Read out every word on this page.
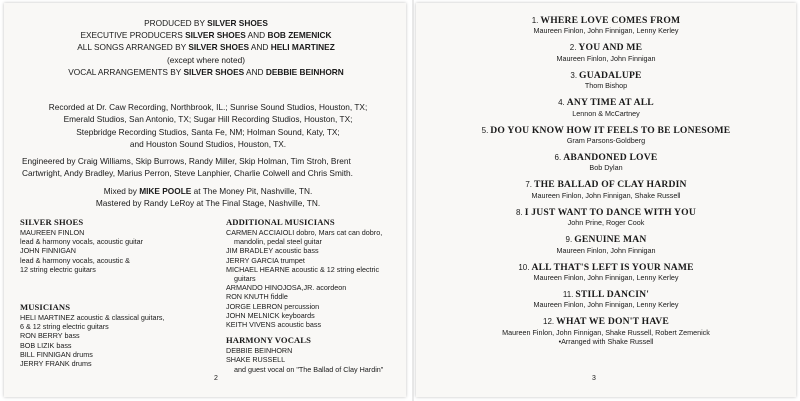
PRODUCED BY SILVER SHOES
EXECUTIVE PRODUCERS SILVER SHOES AND BOB ZEMENICK
ALL SONGS ARRANGED BY SILVER SHOES AND HELI MARTINEZ
(except where noted)
VOCAL ARRANGEMENTS BY SILVER SHOES AND DEBBIE BEINHORN
Recorded at Dr. Caw Recording, Northbrook, IL.; Sunrise Sound Studios, Houston, TX;
Emerald Studios, San Antonio, TX; Sugar Hill Recording Studios, Houston, TX;
Stepbridge Recording Studios, Santa Fe, NM; Holman Sound, Katy, TX;
and Houston Sound Studios, Houston, TX.
Engineered by Craig Williams, Skip Burrows, Randy Miller, Skip Holman, Tim Stroh, Brent
Cartwright, Andy Bradley, Marius Perron, Steve Lanphier, Charlie Colwell and Chris Smith.
Mixed by MIKE POOLE at The Money Pit, Nashville, TN.
Mastered by Randy LeRoy at The Final Stage, Nashville, TN.
SILVER SHOES
MAUREEN FINLON
lead & harmony vocals, acoustic guitar
JOHN FINNIGAN
lead & harmony vocals, acoustic &
12 string electric guitars
MUSICIANS
HELI MARTINEZ acoustic & classical guitars,
6 & 12 string electric guitars
RON BERRY bass
BOB LIZIK bass
BILL FINNIGAN drums
JERRY FRANK drums
ADDITIONAL MUSICIANS
CARMEN ACCIAIOLI dobro, Mars cat can dobro,
mandolin, pedal steel guitar
JIM BRADLEY acoustic bass
JERRY GARCIA trumpet
MICHAEL HEARNE acoustic & 12 string electric
guitars
ARMANDO HINOJOSA,JR. acordeon
RON KNUTH fiddle
JORGE LEBRON percussion
JOHN MELNICK keyboards
KEITH VIVENS acoustic bass
HARMONY VOCALS
DEBBIE BEINHORN
SHAKE RUSSELL
and guest vocal on "The Ballad of Clay Hardin"
2
1. WHERE LOVE COMES FROM
Maureen Finlon, John Finnigan, Lenny Kerley
2. YOU AND ME
Maureen Finlon, John Finnigan
3. GUADALUPE
Thom Bishop
4. ANY TIME AT ALL
Lennon & McCartney
5. DO YOU KNOW HOW IT FEELS TO BE LONESOME
Gram Parsons-Goldberg
6. ABANDONED LOVE
Bob Dylan
7. THE BALLAD OF CLAY HARDIN
Maureen Finlon, John Finnigan, Shake Russell
8. I JUST WANT TO DANCE WITH YOU
John Prine, Roger Cook
9. GENUINE MAN
Maureen Finlon, John Finnigan
10. ALL THAT'S LEFT IS YOUR NAME
Maureen Finlon, John Finnigan, Lenny Kerley
11. STILL DANCIN'
Maureen Finlon, John Finnigan, Lenny Kerley
12. WHAT WE DON'T HAVE
Maureen Finlon, John Finnigan, Shake Russell, Robert Zemenick
•Arranged with Shake Russell
3
